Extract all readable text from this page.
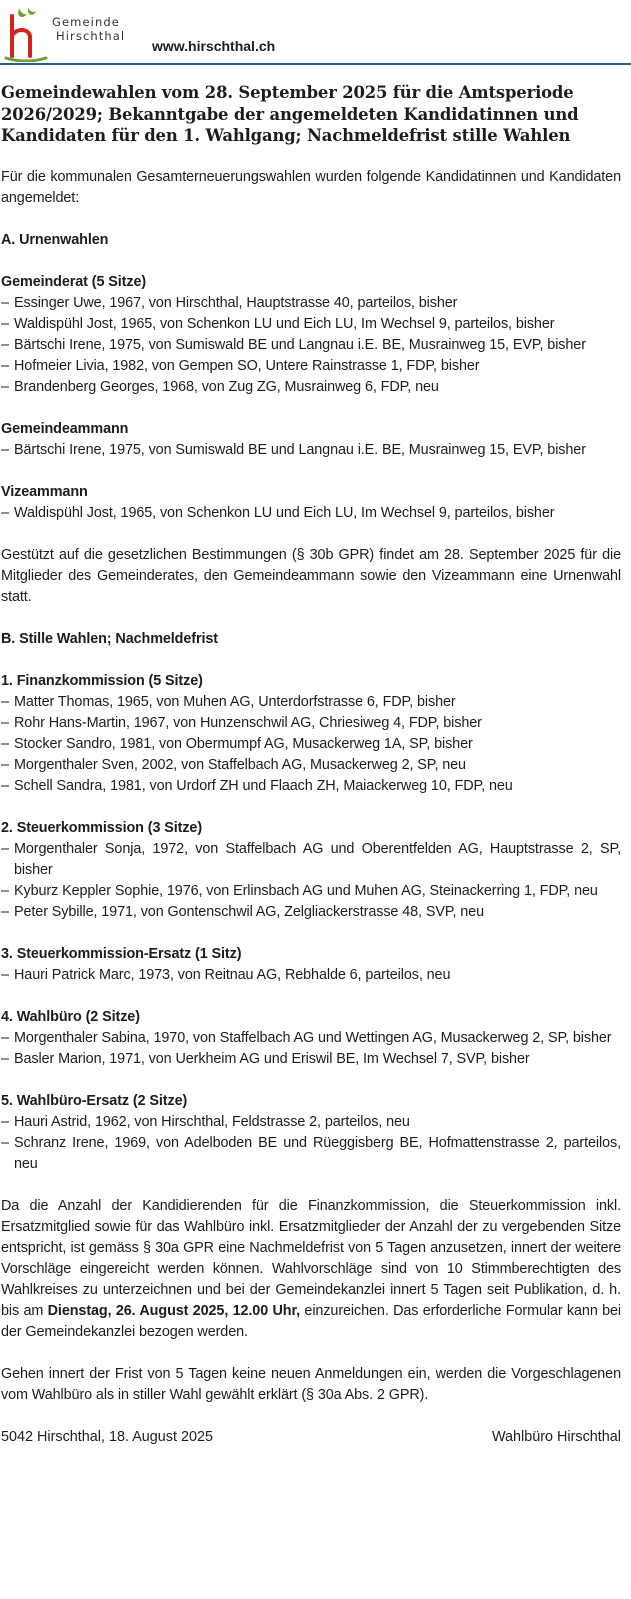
Gemeinde
Hirschthal
www.hirschthal.ch
Gemeindewahlen vom 28. September 2025 für die Amtsperiode 2026/2029; Bekanntgabe der angemeldeten Kandidatinnen und Kandidaten für den 1. Wahlgang; Nachmeldefrist stille Wahlen

Für die kommunalen Gesamterneuerungswahlen wurden folgende Kandidatinnen und Kandidaten angemeldet:

A. Urnenwahlen
Gemeinderat (5 Sitze)
– Essinger Uwe, 1967, von Hirschthal, Hauptstrasse 40, parteilos, bisher
– Waldispühl Jost, 1965, von Schenkon LU und Eich LU, Im Wechsel 9, parteilos, bisher
– Bärtschi Irene, 1975, von Sumiswald BE und Langnau i.E. BE, Musrainweg 15, EVP, bisher
– Hofmeier Livia, 1982, von Gempen SO, Untere Rainstrasse 1, FDP, bisher
– Brandenberg Georges, 1968, von Zug ZG, Musrainweg 6, FDP, neu
Gemeindeammann
– Bärtschi Irene, 1975, von Sumiswald BE und Langnau i.E. BE, Musrainweg 15, EVP, bisher
Vizeammann
– Waldispühl Jost, 1965, von Schenkon LU und Eich LU, Im Wechsel 9, parteilos, bisher

Gestützt auf die gesetzlichen Bestimmungen (§ 30b GPR) findet am 28. September 2025 für die Mitglieder des Gemeinderates, den Gemeindeammann sowie den Vizeammann eine Urnenwahl statt.

B. Stille Wahlen; Nachmeldefrist
1. Finanzkommission (5 Sitze)
– Matter Thomas, 1965, von Muhen AG, Unterdorfstrasse 6, FDP, bisher
– Rohr Hans-Martin, 1967, von Hunzenschwil AG, Chriesiweg 4, FDP, bisher
– Stocker Sandro, 1981, von Obermumpf AG, Musackerweg 1A, SP, bisher
– Morgenthaler Sven, 2002, von Staffelbach AG, Musackerweg 2, SP, neu
– Schell Sandra, 1981, von Urdorf ZH und Flaach ZH, Maiackerweg 10, FDP, neu
2. Steuerkommission (3 Sitze)
– Morgenthaler Sonja, 1972, von Staffelbach AG und Oberentfelden AG, Hauptstrasse 2, SP, bisher
– Kyburz Keppler Sophie, 1976, von Erlinsbach AG und Muhen AG, Steinackerring 1, FDP, neu
– Peter Sybille, 1971, von Gontenschwil AG, Zelgliackerstrasse 48, SVP, neu
3. Steuerkommission-Ersatz (1 Sitz)
– Hauri Patrick Marc, 1973, von Reitnau AG, Rebhalde 6, parteilos, neu
4. Wahlbüro (2 Sitze)
– Morgenthaler Sabina, 1970, von Staffelbach AG und Wettingen AG, Musackerweg 2, SP, bisher
– Basler Marion, 1971, von Uerkheim AG und Eriswil BE, Im Wechsel 7, SVP, bisher
5. Wahlbüro-Ersatz (2 Sitze)
– Hauri Astrid, 1962, von Hirschthal, Feldstrasse 2, parteilos, neu
– Schranz Irene, 1969, von Adelboden BE und Rüeggisberg BE, Hofmattenstrasse 2, parteilos, neu

Da die Anzahl der Kandidierenden für die Finanzkommission, die Steuerkommission inkl. Ersatzmitglied sowie für das Wahlbüro inkl. Ersatzmitglieder der Anzahl der zu vergebenden Sitze entspricht, ist gemäss § 30a GPR eine Nachmeldefrist von 5 Tagen anzusetzen, innert der weitere Vorschläge eingereicht werden können. Wahlvorschläge sind von 10 Stimmberechtigten des Wahlkreises zu unterzeichnen und bei der Gemeindekanzlei innert 5 Tagen seit Publikation, d. h. bis am Dienstag, 26. August 2025, 12.00 Uhr, einzureichen. Das erforderliche Formular kann bei der Gemeindekanzlei bezogen werden.

Gehen innert der Frist von 5 Tagen keine neuen Anmeldungen ein, werden die Vorgeschlagenen vom Wahlbüro als in stiller Wahl gewählt erklärt (§ 30a Abs. 2 GPR).

5042 Hirschthal, 18. August 2025	Wahlbüro Hirschthal
